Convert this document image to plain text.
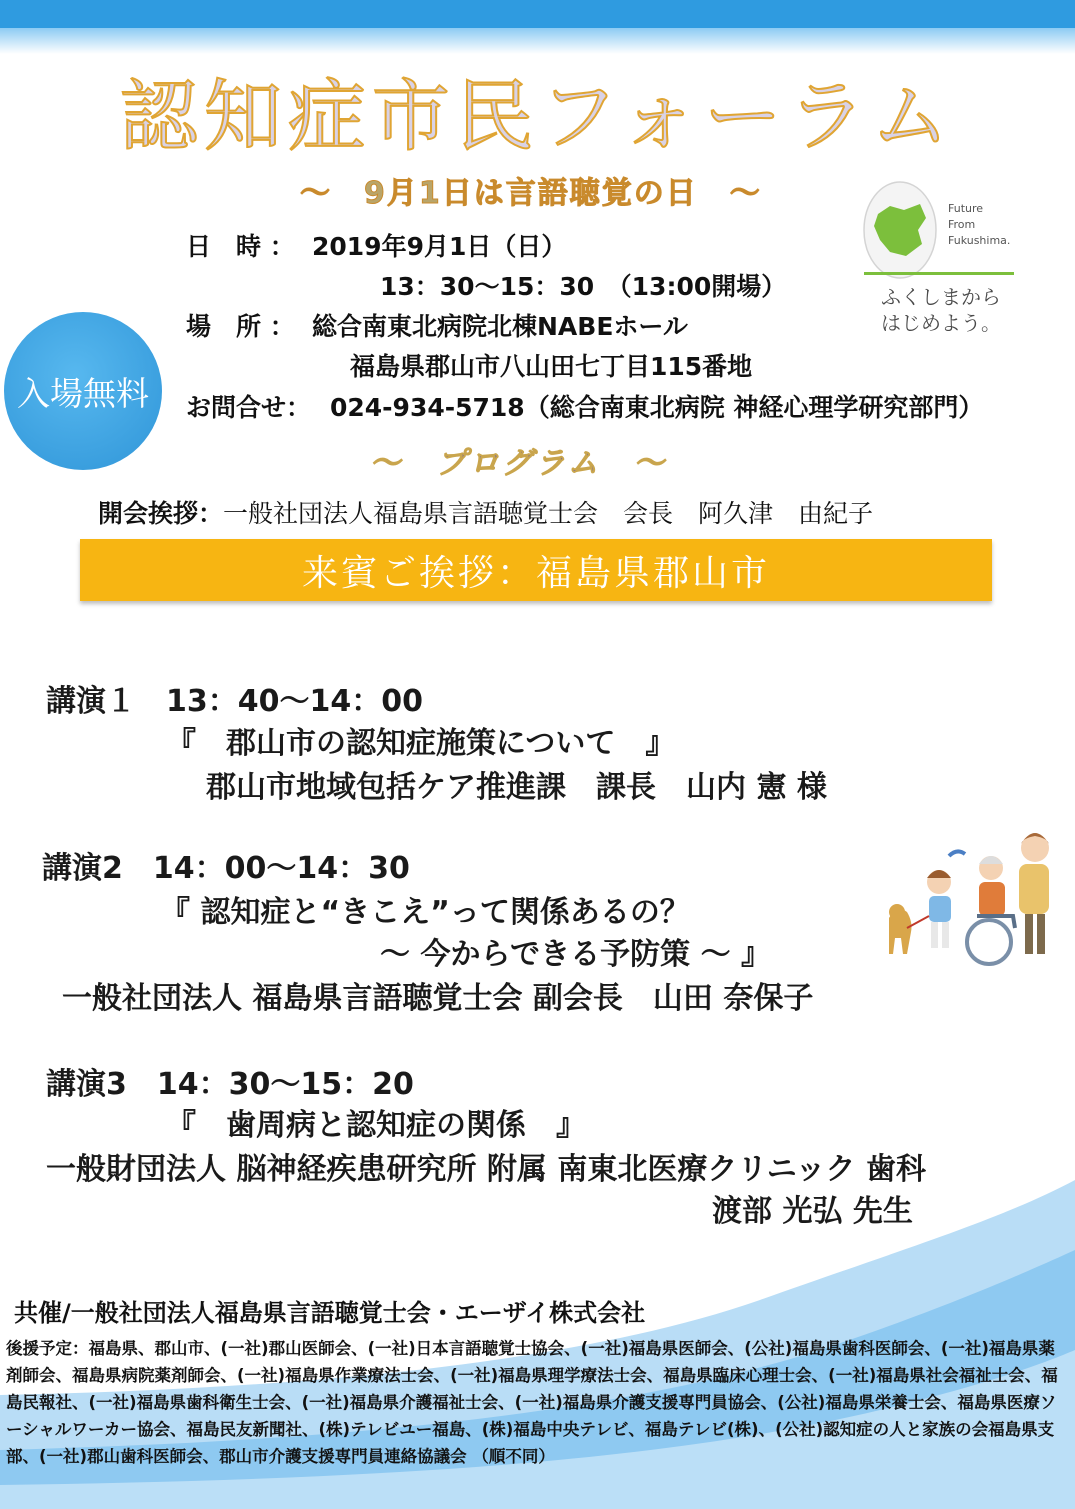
認知症市民フォーラム
～　9月1日は言語聴覚の日　～	Future
From
Fukushima.
ふくしまから
はじめよう。
日　時 ： 2019年9月1日（日）
13：30～15：30　（13:00開場）
場　所 ： 総合南東北病院北棟NABEホール
福島県郡山市八山田七丁目115番地
お問合せ： 024-934-5718（総合南東北病院 神経心理学研究部門）
入場無料
～　プログラム　～
開会挨拶：一般社団法人福島県言語聴覚士会　会長　阿久津　由紀子
来賓ご挨拶：福島県郡山市
講演１　13：40～14：00
『　郡山市の認知症施策について　』
郡山市地域包括ケア推進課　課長　山内 憲 様
講演2　14：00～14：30
『 認知症と“きこえ”って関係あるの？
～ 今からできる予防策 ～ 』
一般社団法人 福島県言語聴覚士会 副会長　山田 奈保子
講演3　14：30～15：20
『　歯周病と認知症の関係　』
一般財団法人 脳神経疾患研究所 附属 南東北医療クリニック 歯科
渡部 光弘 先生
共催/一般社団法人福島県言語聴覚士会・エーザイ株式会社
後援予定：福島県、郡山市、(一社)郡山医師会、(一社)日本言語聴覚士協会、(一社)福島県医師会、(公社)福島県歯科医師会、(一社)福島県薬剤師会、福島県病院薬剤師会、(一社)福島県作業療法士会、(一社)福島県理学療法士会、福島県臨床心理士会、(一社)福島県社会福祉士会、福島民報社、(一社)福島県歯科衛生士会、(一社)福島県介護福祉士会、(一社)福島県介護支援専門員協会、(公社)福島県栄養士会、福島県医療ソーシャルワーカー協会、福島民友新聞社、(株)テレビユー福島、(株)福島中央テレビ、福島テレビ(株)、(公社)認知症の人と家族の会福島県支部、(一社)郡山歯科医師会、郡山市介護支援専門員連絡協議会 （順不同）
